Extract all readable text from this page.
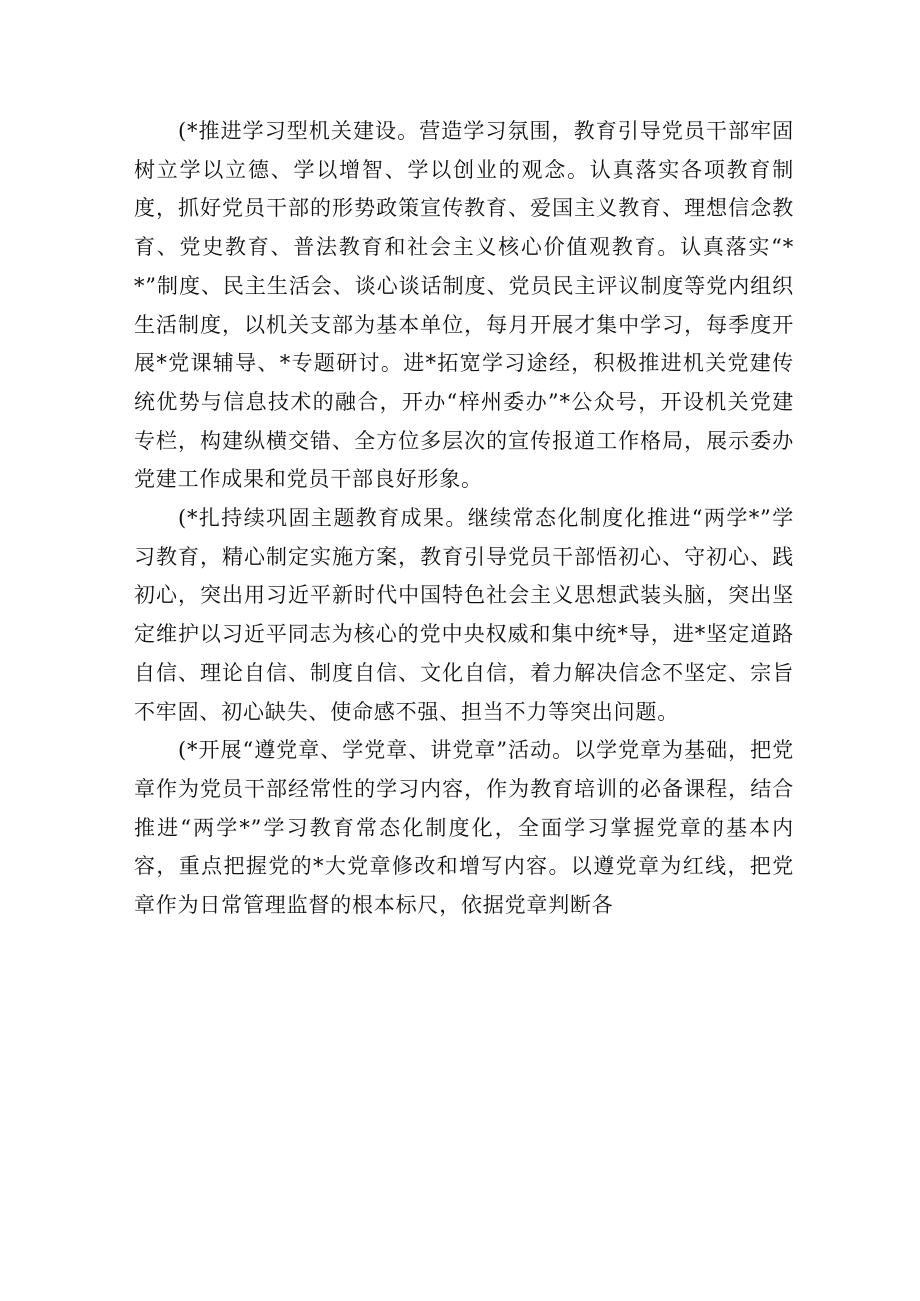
(*推进学习型机关建设。营造学习氛围，教育引导党员干部牢固树立学以立德、学以增智、学以创业的观念。认真落实各项教育制度，抓好党员干部的形势政策宣传教育、爱国主义教育、理想信念教育、党史教育、普法教育和社会主义核心价值观教育。认真落实“**”制度、民主生活会、谈心谈话制度、党员民主评议制度等党内组织生活制度，以机关支部为基本单位，每月开展才集中学习，每季度开展*党课辅导、*专题研讨。进*拓宽学习途经，积极推进机关党建传统优势与信息技术的融合，开办“梓州委办”*公众号，开设机关党建专栏，构建纵横交错、全方位多层次的宣传报道工作格局，展示委办党建工作成果和党员干部良好形象。

(*扎持续巩固主题教育成果。继续常态化制度化推进“两学*”学习教育，精心制定实施方案，教育引导党员干部悟初心、守初心、践初心，突出用习近平新时代中国特色社会主义思想武装头脑，突出坚定维护以习近平同志为核心的党中央权威和集中统*导，进*坚定道路自信、理论自信、制度自信、文化自信，着力解决信念不坚定、宗旨不牢固、初心缺失、使命感不强、担当不力等突出问题。

(*开展“遵党章、学党章、讲党章”活动。以学党章为基础，把党章作为党员干部经常性的学习内容，作为教育培训的必备课程，结合推进“两学*”学习教育常态化制度化，全面学习掌握党章的基本内容，重点把握党的*大党章修改和增写内容。以遵党章为红线，把党章作为日常管理监督的根本标尺，依据党章判断各
